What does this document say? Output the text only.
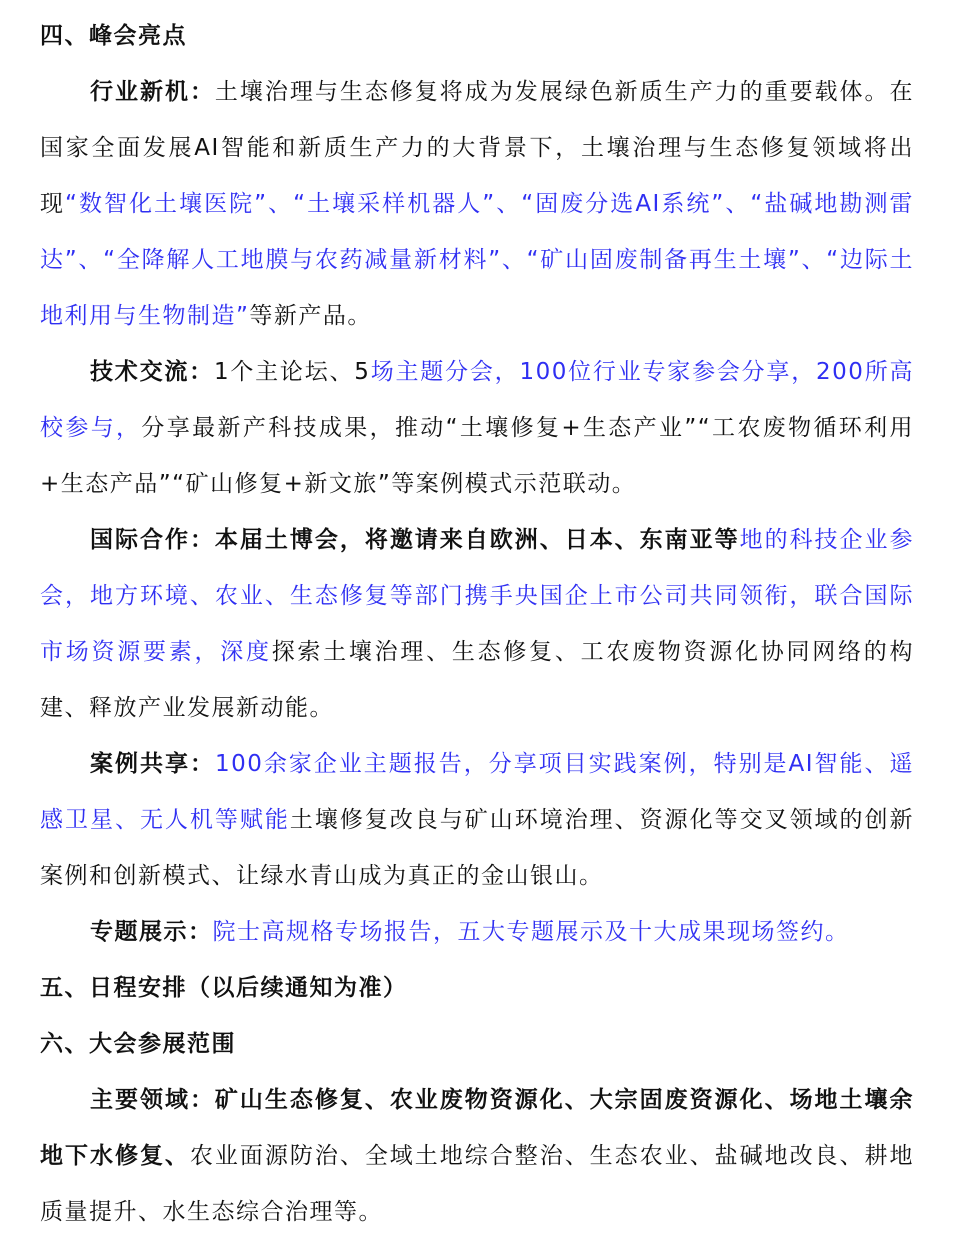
四、峰会亮点

行业新机：土壤治理与生态修复将成为发展绿色新质生产力的重要载体。在国家全面发展AI智能和新质生产力的大背景下，土壤治理与生态修复领域将出现“数智化土壤医院”、“土壤采样机器人”、“固废分选AI系统”、“盐碱地勘测雷达”、“全降解人工地膜与农药减量新材料”、“矿山固废制备再生土壤”、“边际土地利用与生物制造”等新产品。

技术交流：1个主论坛、5场主题分会，100位行业专家参会分享，200所高校参与，分享最新产科技成果，推动“土壤修复+生态产业”“工农废物循环利用+生态产品”“矿山修复+新文旅”等案例模式示范联动。

国际合作：本届土博会，将邀请来自欧洲、日本、东南亚等地的科技企业参会，地方环境、农业、生态修复等部门携手央国企上市公司共同领衔，联合国际市场资源要素，深度探索土壤治理、生态修复、工农废物资源化协同网络的构建、释放产业发展新动能。

案例共享：100余家企业主题报告，分享项目实践案例，特别是AI智能、遥感卫星、无人机等赋能土壤修复改良与矿山环境治理、资源化等交叉领域的创新案例和创新模式、让绿水青山成为真正的金山银山。

专题展示：院士高规格专场报告，五大专题展示及十大成果现场签约。

五、日程安排（以后续通知为准）

六、大会参展范围

主要领域：矿山生态修复、农业废物资源化、大宗固废资源化、场地土壤余地下水修复、农业面源防治、全域土地综合整治、生态农业、盐碱地改良、耕地质量提升、水生态综合治理等。
